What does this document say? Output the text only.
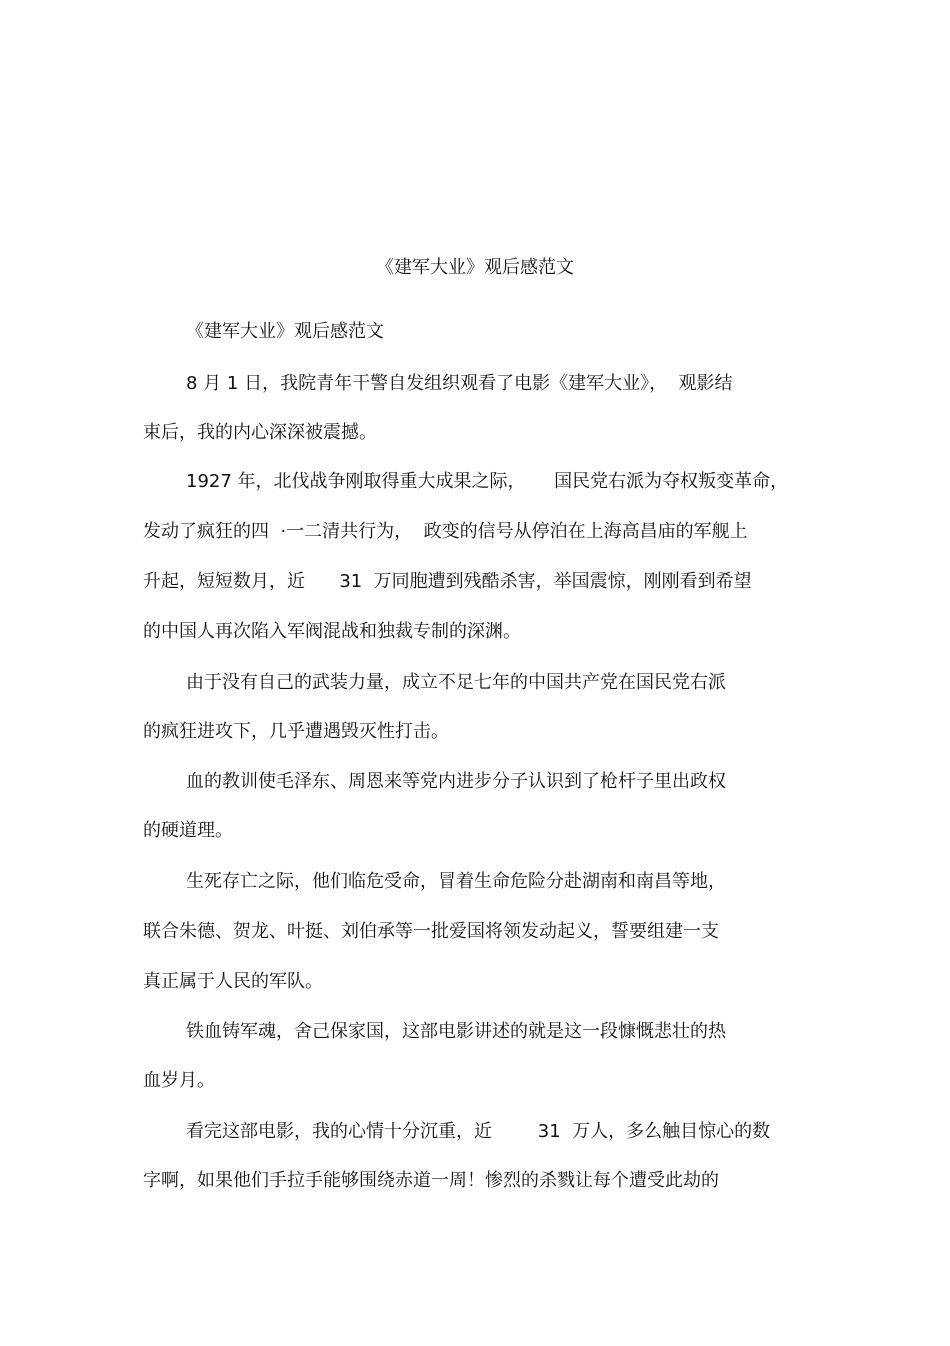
《建军大业》观后感范文
《建军大业》观后感范文
8 月 1 日，我院青年干警自发组织观看了电影《建军大业》，  观影结
束后，我的内心深深被震撼。
1927 年，北伐战争刚取得重大成果之际，     国民党右派为夺权叛变革命，
发动了疯狂的四  ·一二清共行为，  政变的信号从停泊在上海高昌庙的军舰上
升起，短短数月，近      31  万同胞遭到残酷杀害，举国震惊，刚刚看到希望
的中国人再次陷入军阀混战和独裁专制的深渊。
由于没有自己的武装力量，成立不足七年的中国共产党在国民党右派
的疯狂进攻下，几乎遭遇毁灭性打击。
血的教训使毛泽东、周恩来等党内进步分子认识到了枪杆子里出政权
的硬道理。
生死存亡之际，他们临危受命，冒着生命危险分赴湖南和南昌等地，
联合朱德、贺龙、叶挺、刘伯承等一批爱国将领发动起义，誓要组建一支
真正属于人民的军队。
铁血铸军魂，舍己保家国，这部电影讲述的就是这一段慷慨悲壮的热
血岁月。
看完这部电影，我的心情十分沉重，近        31  万人，多么触目惊心的数
字啊，如果他们手拉手能够围绕赤道一周！惨烈的杀戮让每个遭受此劫的
